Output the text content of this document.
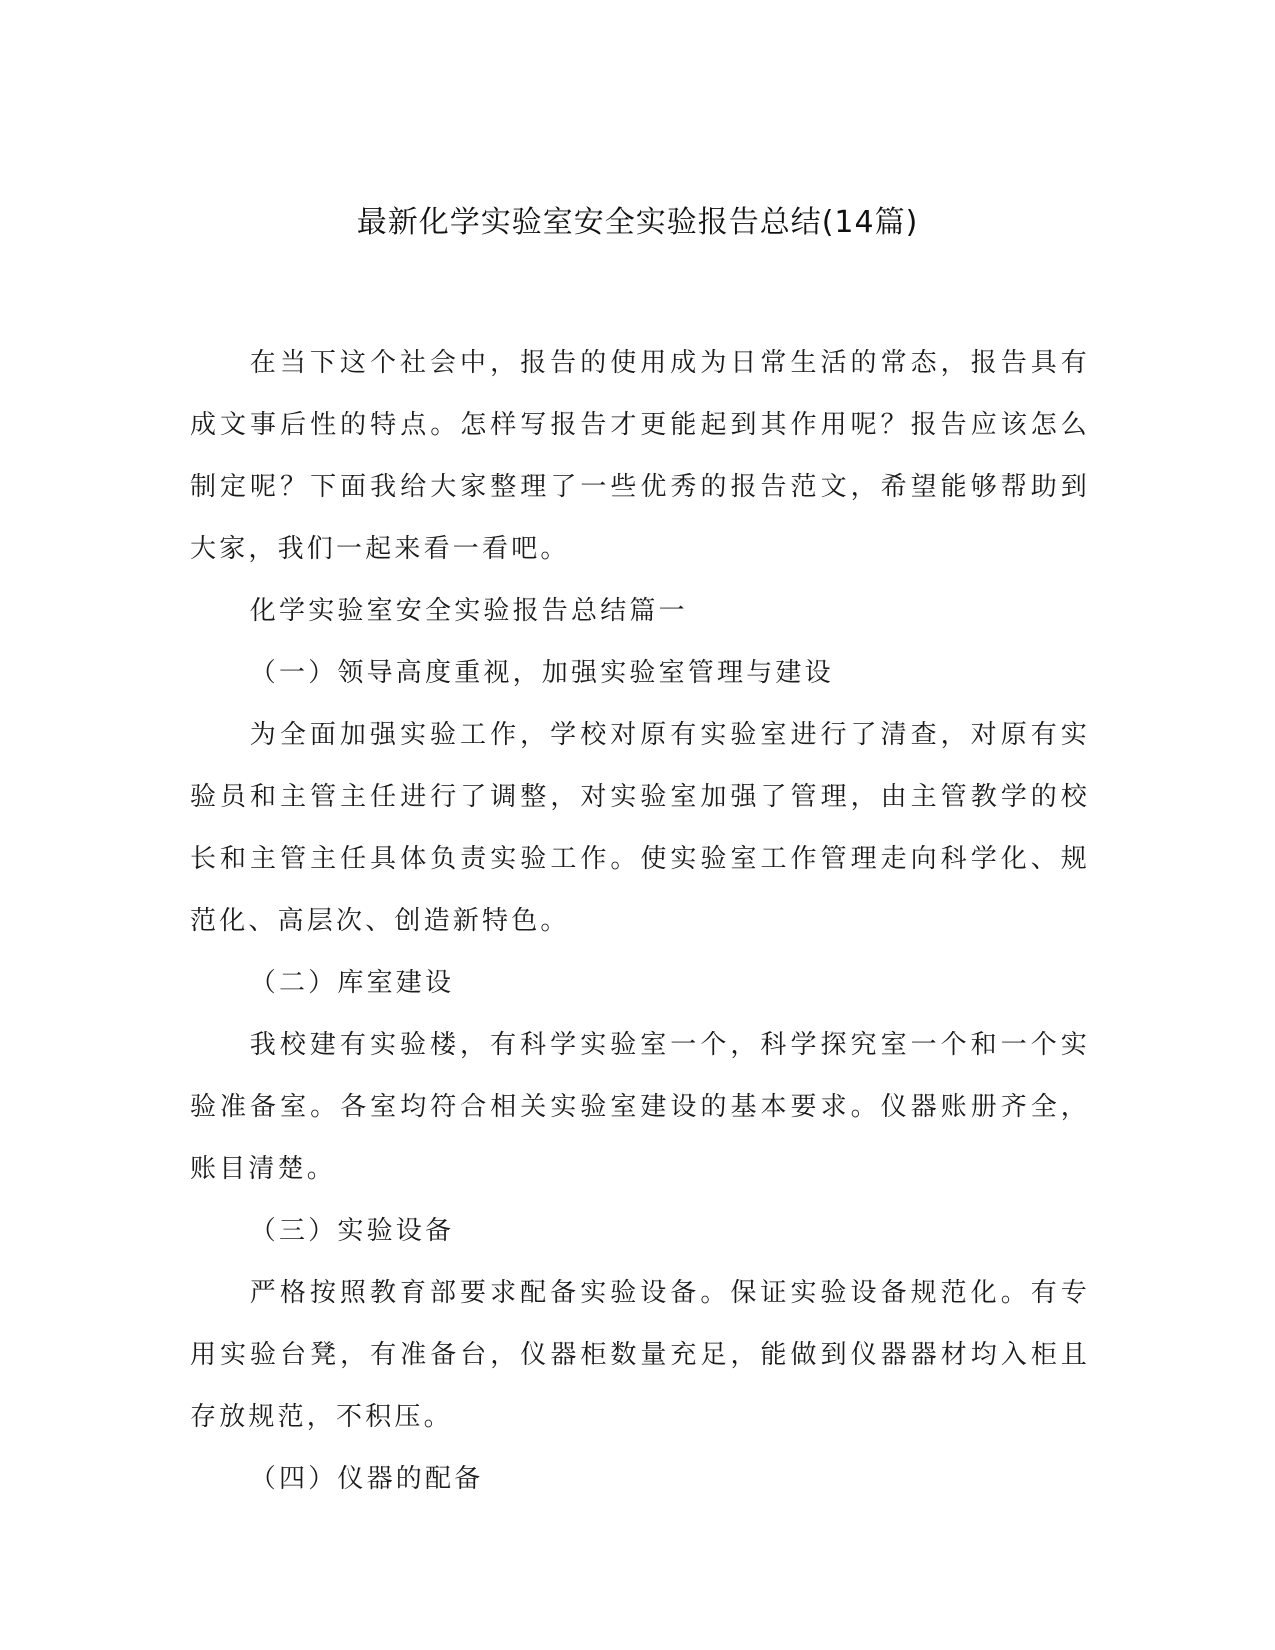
最新化学实验室安全实验报告总结(14篇)

在当下这个社会中，报告的使用成为日常生活的常态，报告具有成文事后性的特点。怎样写报告才更能起到其作用呢？报告应该怎么制定呢？下面我给大家整理了一些优秀的报告范文，希望能够帮助到大家，我们一起来看一看吧。

化学实验室安全实验报告总结篇一

（一）领导高度重视，加强实验室管理与建设

为全面加强实验工作，学校对原有实验室进行了清查，对原有实验员和主管主任进行了调整，对实验室加强了管理，由主管教学的校长和主管主任具体负责实验工作。使实验室工作管理走向科学化、规范化、高层次、创造新特色。

（二）库室建设

我校建有实验楼，有科学实验室一个，科学探究室一个和一个实验准备室。各室均符合相关实验室建设的基本要求。仪器账册齐全，账目清楚。

（三）实验设备

严格按照教育部要求配备实验设备。保证实验设备规范化。有专用实验台凳，有准备台，仪器柜数量充足，能做到仪器器材均入柜且存放规范，不积压。

（四）仪器的配备
